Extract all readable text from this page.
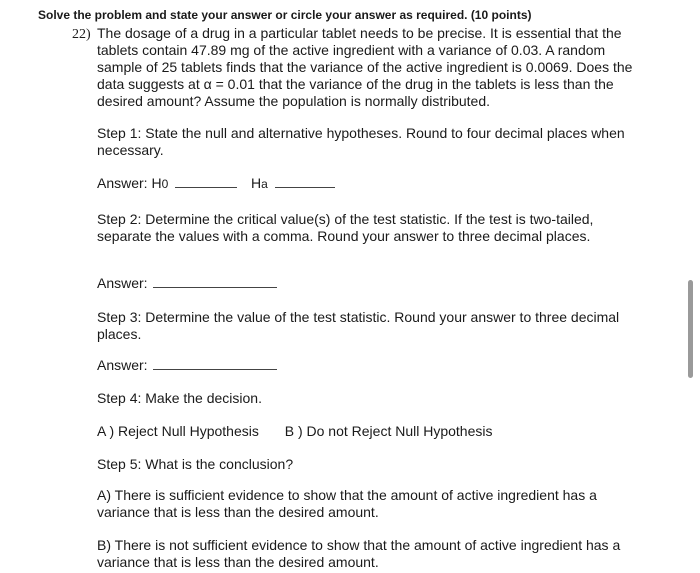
Solve the problem and state your answer or circle your answer as required. (10 points)
22) The dosage of a drug in a particular tablet needs to be precise. It is essential that the
tablets contain 47.89 mg of the active ingredient with a variance of 0.03. A random
sample of 25 tablets finds that the variance of the active ingredient is 0.0069. Does the
data suggests at α = 0.01 that the variance of the drug in the tablets is less than the
desired amount? Assume the population is normally distributed.
Step 1: State the null and alternative hypotheses. Round to four decimal places when
necessary.
Answer: H0	Ha
Step 2: Determine the critical value(s) of the test statistic. If the test is two-tailed,
separate the values with a comma. Round your answer to three decimal places.
Answer:
Step 3: Determine the value of the test statistic. Round your answer to three decimal
places.
Answer:
Step 4: Make the decision.
A ) Reject Null Hypothesis B ) Do not Reject Null Hypothesis
Step 5: What is the conclusion?
A) There is sufficient evidence to show that the amount of active ingredient has a
variance that is less than the desired amount.
B) There is not sufficient evidence to show that the amount of active ingredient has a
variance that is less than the desired amount.
